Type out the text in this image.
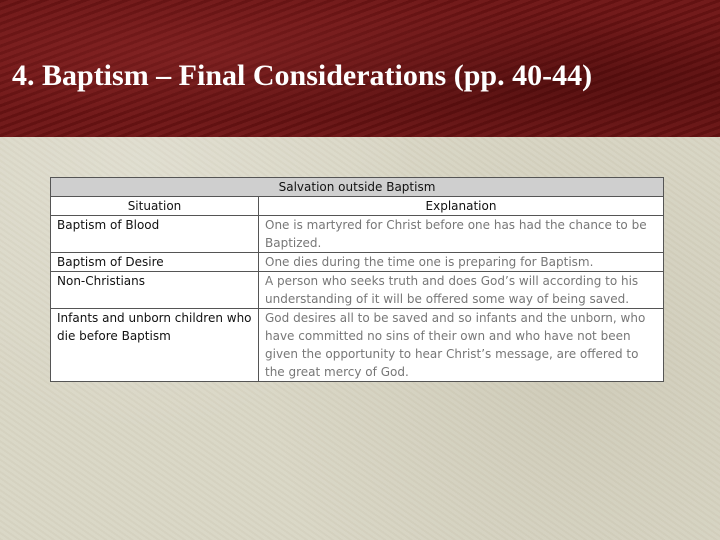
4. Baptism – Final Considerations (pp. 40-44)
Salvation outside Baptism	
Situation	Explanation
Baptism of Blood	One is martyred for Christ before one has had the chance to be Baptized.
Baptism of Desire	One dies during the time one is preparing for Baptism.
Non-Christians	A person who seeks truth and does God’s will according to his understanding of it will be offered some way of being saved.
Infants and unborn children who die before Baptism	God desires all to be saved and so infants and the unborn, who have committed no sins of their own and who have not been given the opportunity to hear Christ’s message, are offered to the great mercy of God.
